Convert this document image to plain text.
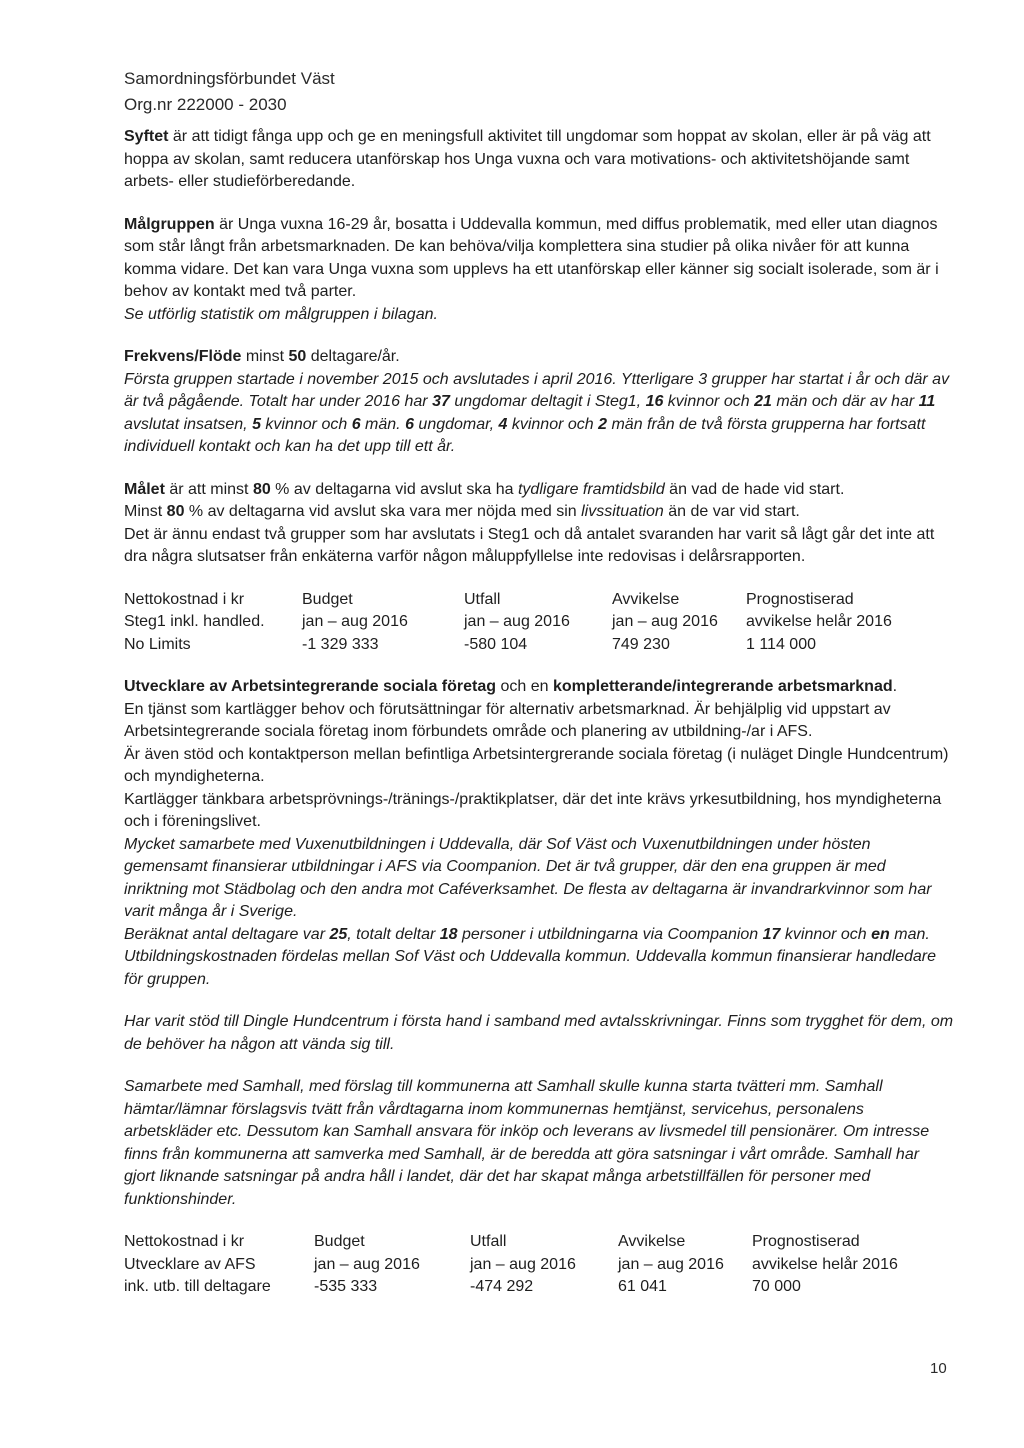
Samordningsförbundet Väst
Org.nr 222000 - 2030

Syftet är att tidigt fånga upp och ge en meningsfull aktivitet till ungdomar som hoppat av skolan, eller är på väg att hoppa av skolan, samt reducera utanförskap hos Unga vuxna och vara motivations- och aktivitetshöjande samt arbets- eller studieförberedande.

Målgruppen är Unga vuxna 16-29 år, bosatta i Uddevalla kommun, med diffus problematik, med eller utan diagnos som står långt från arbetsmarknaden. De kan behöva/vilja komplettera sina studier på olika nivåer för att kunna komma vidare. Det kan vara Unga vuxna som upplevs ha ett utanförskap eller känner sig socialt isolerade, som är i behov av kontakt med två parter.

Se utförlig statistik om målgruppen i bilagan.

Frekvens/Flöde minst 50 deltagare/år.

Första gruppen startade i november 2015 och avslutades i april 2016. Ytterligare 3 grupper har startat i år och där av är två pågående. Totalt har under 2016 har 37 ungdomar deltagit i Steg1, 16 kvinnor och 21 män och där av har 11 avslutat insatsen, 5 kvinnor och 6 män. 6 ungdomar, 4 kvinnor och 2 män från de två första grupperna har fortsatt individuell kontakt och kan ha det upp till ett år.

Målet är att minst 80 % av deltagarna vid avslut ska ha tydligare framtidsbild än vad de hade vid start.

Minst 80 % av deltagarna vid avslut ska vara mer nöjda med sin livssituation än de var vid start.

Det är ännu endast två grupper som har avslutats i Steg1 och då antalet svaranden har varit så lågt går det inte att dra några slutsatser från enkäterna varför någon måluppfyllelse inte redovisas i delårsrapporten.

Nettokostnad i kr	Budget	Utfall	Avvikelse	Prognostiserad
Steg1 inkl. handled.	jan – aug 2016	jan – aug 2016	jan – aug 2016	avvikelse helår 2016
No Limits	-1 329 333	-580 104	749 230	1 114 000

Utvecklare av Arbetsintegrerande sociala företag och en kompletterande/integrerande arbetsmarknad.

En tjänst som kartlägger behov och förutsättningar för alternativ arbetsmarknad. Är behjälplig vid uppstart av Arbetsintegrerande sociala företag inom förbundets område och planering av utbildning-/ar i AFS.

Är även stöd och kontaktperson mellan befintliga Arbetsintergrerande sociala företag (i nuläget Dingle Hundcentrum) och myndigheterna.

Kartlägger tänkbara arbetsprövnings-/tränings-/praktikplatser, där det inte krävs yrkesutbildning, hos myndigheterna och i föreningslivet.

Mycket samarbete med Vuxenutbildningen i Uddevalla, där Sof Väst och Vuxenutbildningen under hösten gemensamt finansierar utbildningar i AFS via Coompanion. Det är två grupper, där den ena gruppen är med inriktning mot Städbolag och den andra mot Caféverksamhet. De flesta av deltagarna är invandrarkvinnor som har varit många år i Sverige.

Beräknat antal deltagare var 25, totalt deltar 18 personer i utbildningarna via Coompanion 17 kvinnor och en man.

Utbildningskostnaden fördelas mellan Sof Väst och Uddevalla kommun. Uddevalla kommun finansierar handledare för gruppen.

Har varit stöd till Dingle Hundcentrum i första hand i samband med avtalsskrivningar. Finns som trygghet för dem, om de behöver ha någon att vända sig till.

Samarbete med Samhall, med förslag till kommunerna att Samhall skulle kunna starta tvätteri mm. Samhall hämtar/lämnar förslagsvis tvätt från vårdtagarna inom kommunernas hemtjänst, servicehus, personalens arbetskläder etc. Dessutom kan Samhall ansvara för inköp och leverans av livsmedel till pensionärer. Om intresse finns från kommunerna att samverka med Samhall, är de beredda att göra satsningar i vårt område. Samhall har gjort liknande satsningar på andra håll i landet, där det har skapat många arbetstillfällen för personer med funktionshinder.

Nettokostnad i kr	Budget	Utfall	Avvikelse	Prognostiserad
Utvecklare av AFS	jan – aug 2016	jan – aug 2016	jan – aug 2016	avvikelse helår 2016
ink. utb. till deltagare	-535 333	-474 292	61 041	70 000
10
